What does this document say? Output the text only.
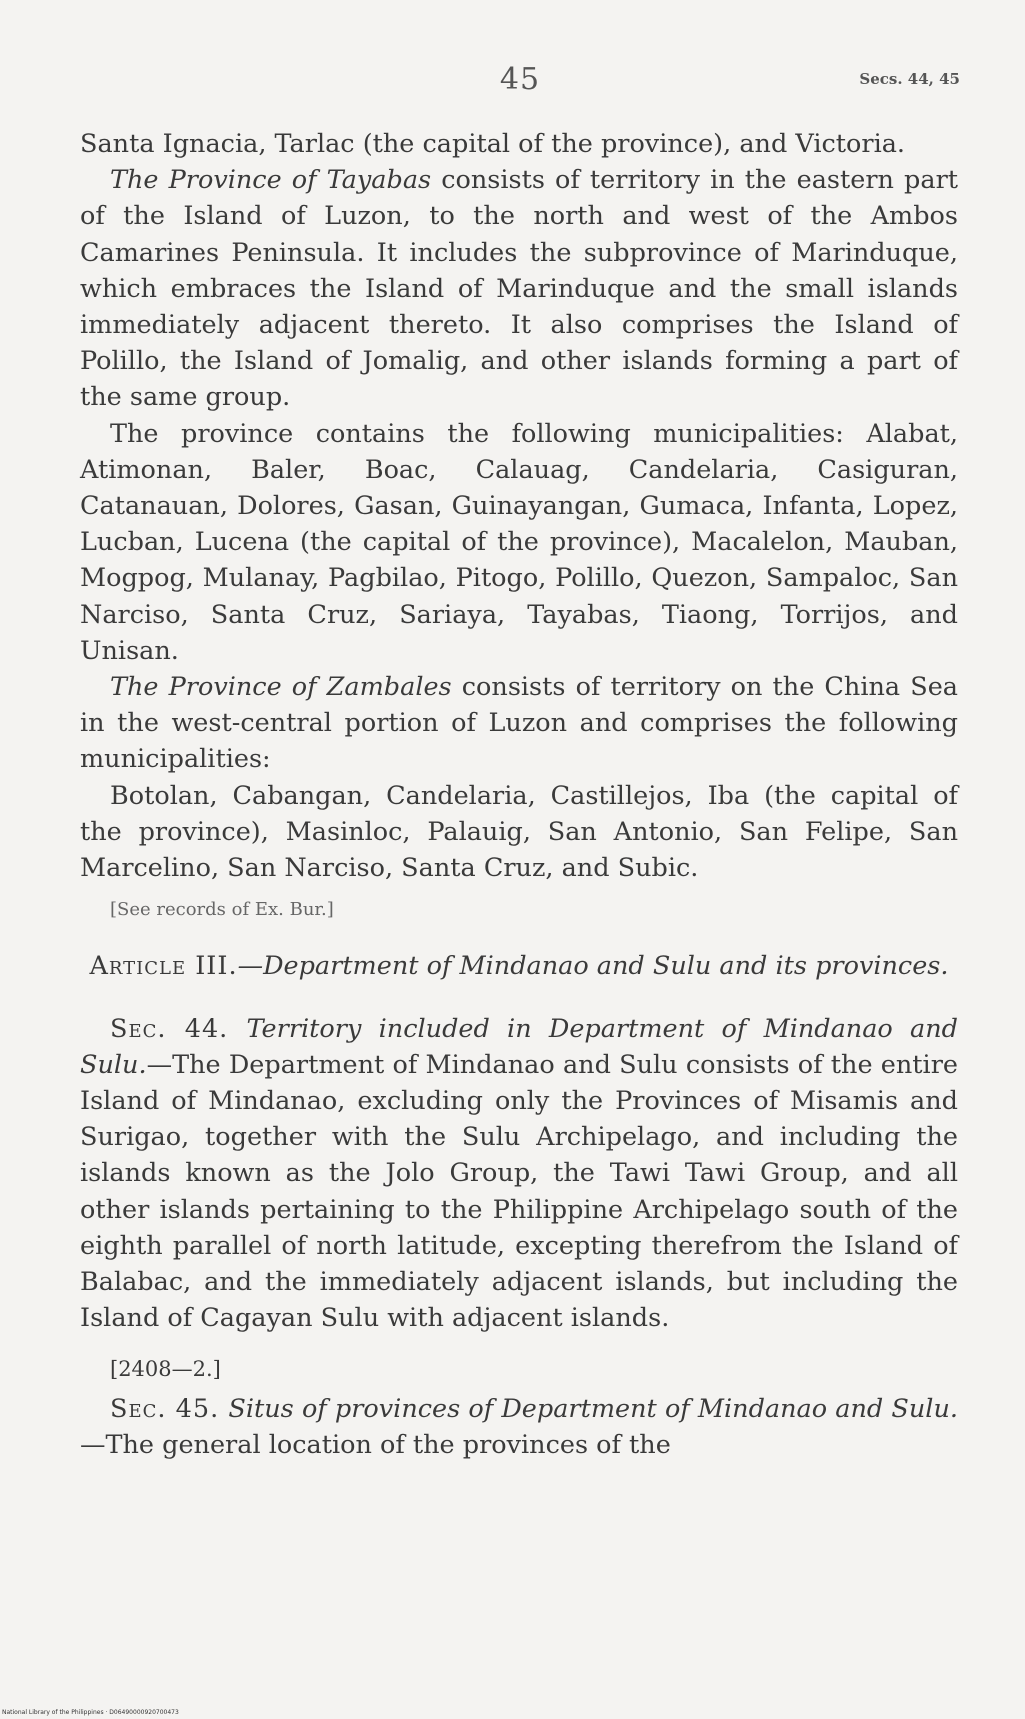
45	Secs. 44, 45

Santa Ignacia, Tarlac (the capital of the province), and Victoria.

The Province of Tayabas consists of territory in the eastern part of the Island of Luzon, to the north and west of the Ambos Camarines Peninsula. It includes the subprovince of Marinduque, which embraces the Island of Marinduque and the small islands immediately adjacent thereto. It also comprises the Island of Polillo, the Island of Jomalig, and other islands forming a part of the same group.

The province contains the following municipalities: Alabat, Atimonan, Baler, Boac, Calauag, Candelaria, Casiguran, Catanauan, Dolores, Gasan, Guinayangan, Gumaca, Infanta, Lopez, Lucban, Lucena (the capital of the province), Macalelon, Mauban, Mogpog, Mulanay, Pagbilao, Pitogo, Polillo, Quezon, Sampaloc, San Narciso, Santa Cruz, Sariaya, Tayabas, Tiaong, Torrijos, and Unisan.

The Province of Zambales consists of territory on the China Sea in the west-central portion of Luzon and comprises the following municipalities:

Botolan, Cabangan, Candelaria, Castillejos, Iba (the capital of the province), Masinloc, Palauig, San Antonio, San Felipe, San Marcelino, San Narciso, Santa Cruz, and Subic.

[See records of Ex. Bur.]

Article III.—Department of Mindanao and Sulu and its provinces.

Sec. 44. Territory included in Department of Mindanao and Sulu.—The Department of Mindanao and Sulu consists of the entire Island of Mindanao, excluding only the Provinces of Misamis and Surigao, together with the Sulu Archipelago, and including the islands known as the Jolo Group, the Tawi Tawi Group, and all other islands pertaining to the Philippine Archipelago south of the eighth parallel of north latitude, excepting therefrom the Island of Balabac, and the immediately adjacent islands, but including the Island of Cagayan Sulu with adjacent islands.

[2408—2.]

Sec. 45. Situs of provinces of Department of Mindanao and Sulu.—The general location of the provinces of the

National Library of the Philippines · D06490000920700473
